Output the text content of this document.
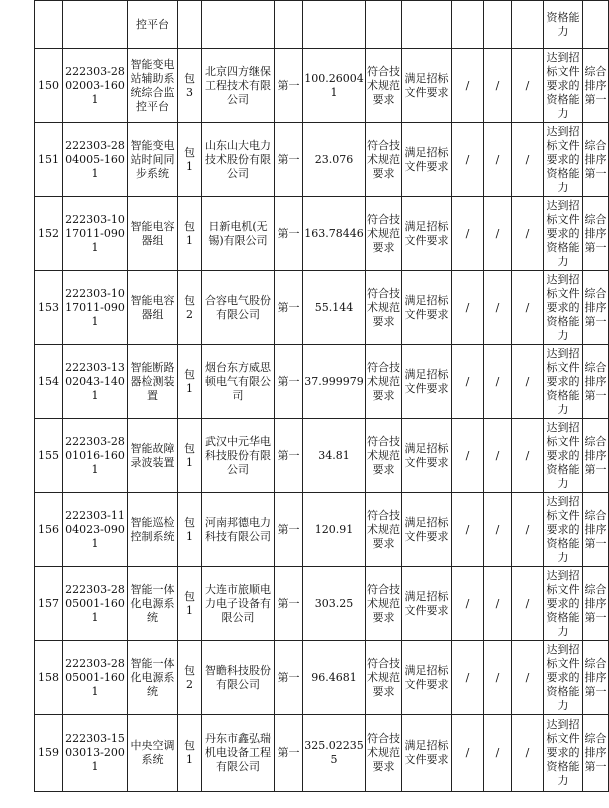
		控平台										资格能力	
150	222303-2802003-1601	智能变电站辅助系统综合监控平台	包 3	北京四方继保工程技术有限公司	第一	100.260041	符合技术规范要求	满足招标文件要求	/	/	/	达到招标文件要求的资格能力	综合排序第一
151	222303-2804005-1601	智能变电站时间同步系统	包 1	山东山大电力技术股份有限公司	第一	23.076	符合技术规范要求	满足招标文件要求	/	/	/	达到招标文件要求的资格能力	综合排序第一
152	222303-1017011-0901	智能电容器组	包 1	日新电机(无锡)有限公司	第一	163.78446	符合技术规范要求	满足招标文件要求	/	/	/	达到招标文件要求的资格能力	综合排序第一
153	222303-1017011-0901	智能电容器组	包 2	合容电气股份有限公司	第一	55.144	符合技术规范要求	满足招标文件要求	/	/	/	达到招标文件要求的资格能力	综合排序第一
154	222303-1302043-1401	智能断路器检测装置	包 1	烟台东方威思顿电气有限公司	第一	37.999979	符合技术规范要求	满足招标文件要求	/	/	/	达到招标文件要求的资格能力	综合排序第一
155	222303-2801016-1601	智能故障录波装置	包 1	武汉中元华电科技股份有限公司	第一	34.81	符合技术规范要求	满足招标文件要求	/	/	/	达到招标文件要求的资格能力	综合排序第一
156	222303-1104023-0901	智能巡检控制系统	包 1	河南邦德电力科技有限公司	第一	120.91	符合技术规范要求	满足招标文件要求	/	/	/	达到招标文件要求的资格能力	综合排序第一
157	222303-2805001-1601	智能一体化电源系统	包 1	大连市旅顺电力电子设备有限公司	第一	303.25	符合技术规范要求	满足招标文件要求	/	/	/	达到招标文件要求的资格能力	综合排序第一
158	222303-2805001-1601	智能一体化电源系统	包 2	智瞻科技股份有限公司	第一	96.4681	符合技术规范要求	满足招标文件要求	/	/	/	达到招标文件要求的资格能力	综合排序第一
159	222303-1503013-2001	中央空调系统	包 1	丹东市鑫弘瑞机电设备工程有限公司	第一	325.022355	符合技术规范要求	满足招标文件要求	/	/	/	达到招标文件要求的资格能力	综合排序第一
